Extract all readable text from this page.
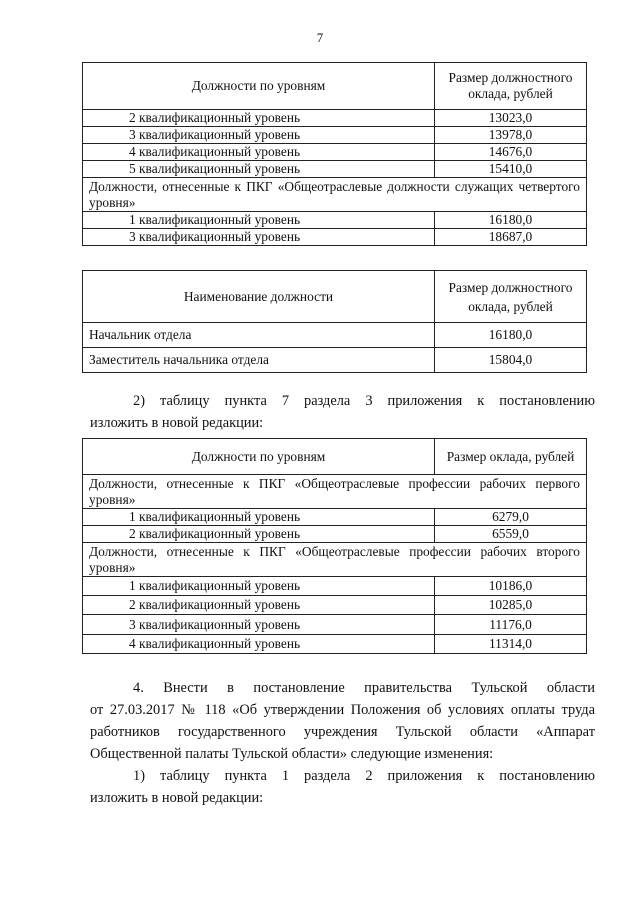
7
Должности по уровням	Размер должностного оклада, рублей
2 квалификационный уровень	13023,0
3 квалификационный уровень	13978,0
4 квалификационный уровень	14676,0
5 квалификационный уровень	15410,0
Должности, отнесенные к ПКГ «Общеотраслевые должности служащих четвертого уровня»	
1 квалификационный уровень	16180,0
3 квалификационный уровень	18687,0
Наименование должности	Размер должностного оклада, рублей
Начальник отдела	16180,0
Заместитель начальника отдела	15804,0
2) таблицу пункта 7 раздела 3 приложения к постановлению
изложить в новой редакции:
Должности по уровням	Размер оклада, рублей
Должности, отнесенные к ПКГ «Общеотраслевые профессии рабочих первого уровня»	
1 квалификационный уровень	6279,0
2 квалификационный уровень	6559,0
Должности, отнесенные к ПКГ «Общеотраслевые профессии рабочих второго уровня»	
1 квалификационный уровень	10186,0
2 квалификационный уровень	10285,0
3 квалификационный уровень	11176,0
4 квалификационный уровень	11314,0
4. Внести в постановление правительства Тульской области
от 27.03.2017 № 118 «Об утверждении Положения об условиях оплаты труда
работников государственного учреждения Тульской области «Аппарат
Общественной палаты Тульской области» следующие изменения:
1) таблицу пункта 1 раздела 2 приложения к постановлению
изложить в новой редакции:
